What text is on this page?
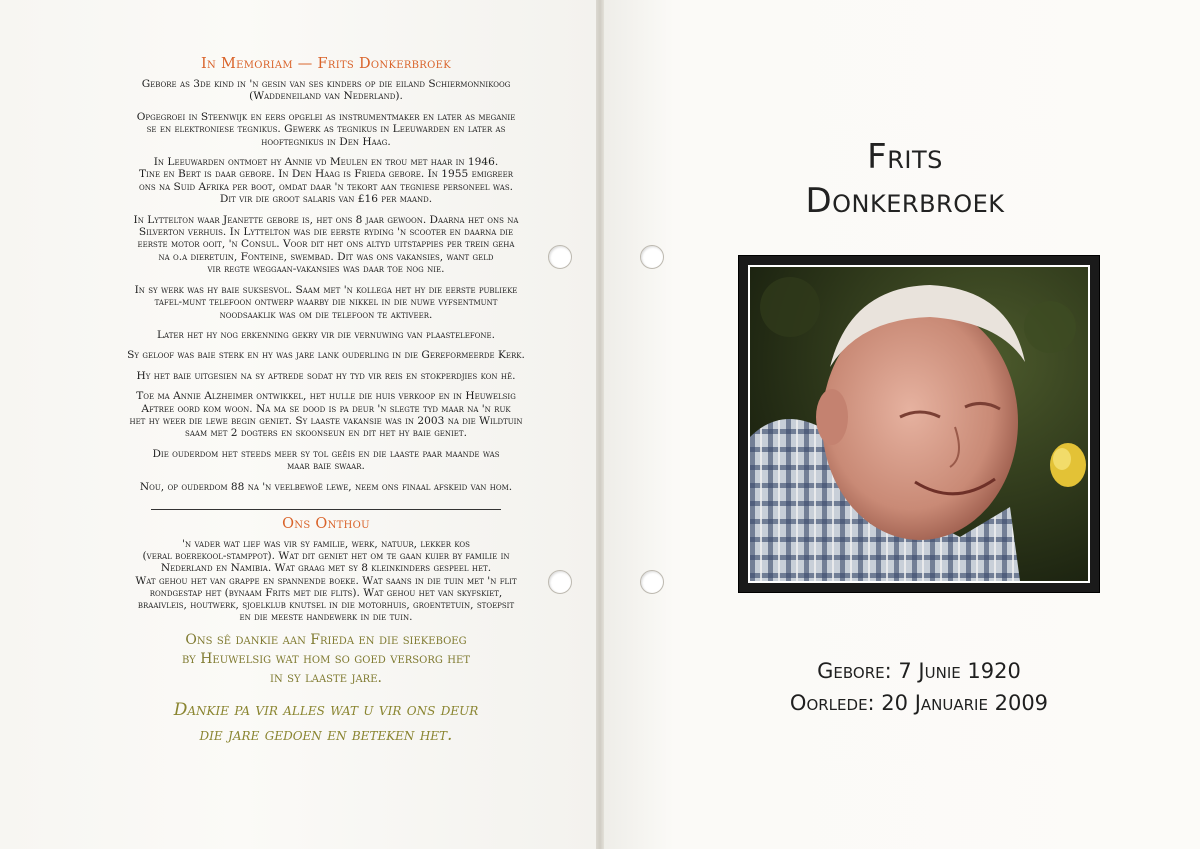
In Memoriam — Frits Donkerbroek
Gebore as 3de kind in 'n gesin van ses kinders op die eiland Schiermonnikoog
(Waddeneiland van Nederland).
Opgegroei in Steenwijk en eers opgelei as instrumentmaker en later as meganie
se en elektroniese tegnikus. Gewerk as tegnikus in Leeuwarden en later as
hooftegnikus in Den Haag.
In Leeuwarden ontmoet hy Annie vd Meulen en trou met haar in 1946.
Tine en Bert is daar gebore. In Den Haag is Frieda gebore. In 1955 emigreer
ons na Suid Afrika per boot, omdat daar 'n tekort aan tegniese personeel was.
Dit vir die groot salaris van £16 per maand.
In Lyttelton waar Jeanette gebore is, het ons 8 jaar gewoon. Daarna het ons na
Silverton verhuis. In Lyttelton was die eerste ryding 'n scooter en daarna die
eerste motor ooit, 'n Consul. Voor dit het ons altyd uitstappies per trein geha
na o.a dieretuin, Fonteine, swembad. Dit was ons vakansies, want geld
vir regte weggaan-vakansies was daar toe nog nie.
In sy werk was hy baie suksesvol. Saam met 'n kollega het hy die eerste publieke
tafel-munt telefoon ontwerp waarby die nikkel in die nuwe vyfsentmunt
noodsaaklik was om die telefoon te aktiveer.
Later het hy nog erkenning gekry vir die vernuwing van plaastelefone.
Sy geloof was baie sterk en hy was jare lank ouderling in die Gereformeerde Kerk.
Hy het baie uitgesien na sy aftrede sodat hy tyd vir reis en stokperdjies kon hê.
Toe ma Annie Alzheimer ontwikkel, het hulle die huis verkoop en in Heuwelsig
Aftree oord kom woon. Na ma se dood is pa deur 'n slegte tyd maar na 'n ruk
het hy weer die lewe begin geniet. Sy laaste vakansie was in 2003 na die Wildtuin
saam met 2 dogters en skoonseun en dit het hy baie geniet.
Die ouderdom het steeds meer sy tol geëis en die laaste paar maande was
maar baie swaar.
Nou, op ouderdom 88 na 'n veelbewoë lewe, neem ons finaal afskeid van hom.
Ons Onthou
'n vader wat lief was vir sy familie, werk, natuur, lekker kos
(veral boerekool-stamppot). Wat dit geniet het om te gaan kuier by familie in
Nederland en Namibia. Wat graag met sy 8 kleinkinders gespeel het.
Wat gehou het van grappe en spannende boeke. Wat saans in die tuin met 'n flit
rondgestap het (bynaam Frits met die flits). Wat gehou het van skyfskiet,
braaivleis, houtwerk, sjoelklub knutsel in die motorhuis, groentetuin, stoepsit
en die meeste handewerk in die tuin.
Ons sê dankie aan Frieda en die siekeboeg
by Heuwelsig wat hom so goed versorg het
in sy laaste jare.
Dankie pa vir alles wat u vir ons deur
die jare gedoen en beteken het.
Frits
Donkerbroek
Gebore: 7 Junie 1920
Oorlede: 20 Januarie 2009
